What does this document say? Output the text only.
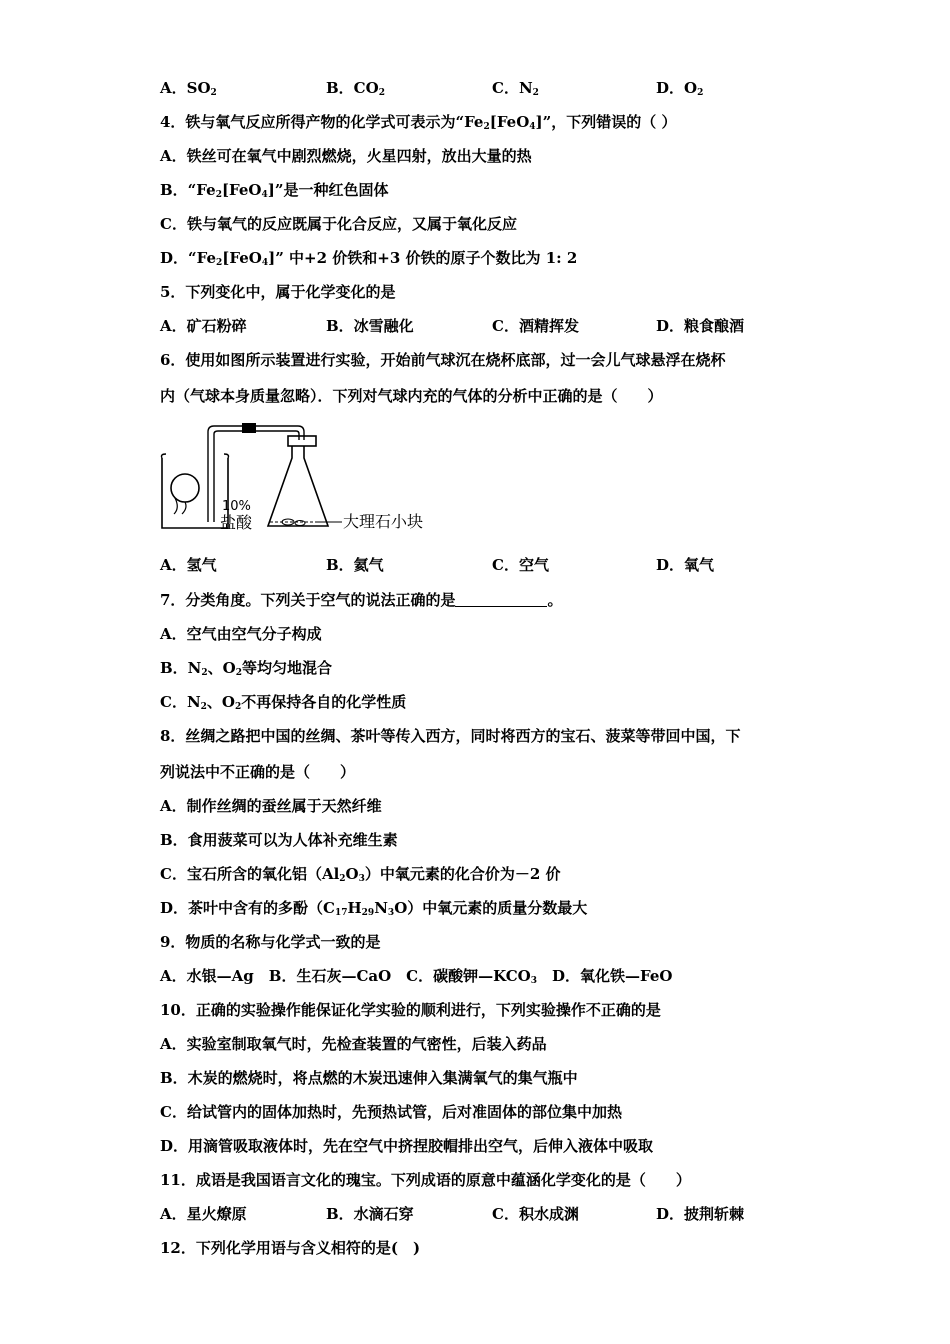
A．$SO_2$	B．$CO_2$	C．$N_2$	D．$O_2$
4．铁与氧气反应所得产物的化学式可表示为“$Fe_2[FeO_4]$”，下列错误的（ ）
A．铁丝可在氧气中剧烈燃烧，火星四射，放出大量的热
B．“$Fe_2[FeO_4]$”是一种红色固体
C．铁与氧气的反应既属于化合反应，又属于氧化反应
D．“$Fe_2[FeO_4]$” 中+2 价铁和+3 价铁的原子个数比为 1: 2
5．下列变化中，属于化学变化的是
A．矿石粉碎	B．冰雪融化	C．酒精挥发	D．粮食酿酒
6．使用如图所示装置进行实验，开始前气球沉在烧杯底部，过一会儿气球悬浮在烧杯
内（气球本身质量忽略）．下列对气球内充的气体的分析中正确的是（　　）
10%
盐酸	大理石小块
A．氢气	B．氦气	C．空气	D．氧气
7．分类角度。下列关于空气的说法正确的是	。
A．空气由空气分子构成
B．$N_2$、$O_2$等均匀地混合
C．$N_2$、$O_2$不再保持各自的化学性质
8．丝绸之路把中国的丝绸、茶叶等传入西方，同时将西方的宝石、菠菜等带回中国，下
列说法中不正确的是（　　）
A．制作丝绸的蚕丝属于天然纤维
B．食用菠菜可以为人体补充维生素
C．宝石所含的氧化铝$(Al_2O_3)$中氧元素的化合价为－2 价
D．茶叶中含有的多酚$(C_{17}H_{29}N_3O)$中氧元素的质量分数最大
9．物质的名称与化学式一致的是
A．水银—Ag　B．生石灰—CaO　C．碳酸钾$—KCO_3$　D．氧化铁—FeO
10．正确的实验操作能保证化学实验的顺利进行，下列实验操作不正确的是
A．实验室制取氧气时，先检查装置的气密性，后装入药品
B．木炭的燃烧时，将点燃的木炭迅速伸入集满氧气的集气瓶中
C．给试管内的固体加热时，先预热试管，后对准固体的部位集中加热
D．用滴管吸取液体时，先在空气中挤捏胶帽排出空气，后伸入液体中吸取
11．成语是我国语言文化的瑰宝。下列成语的原意中蕴涵化学变化的是（　　）
A．星火燎原	B．水滴石穿	C．积水成渊	D．披荆斩棘
12．下列化学用语与含义相符的是(　)
